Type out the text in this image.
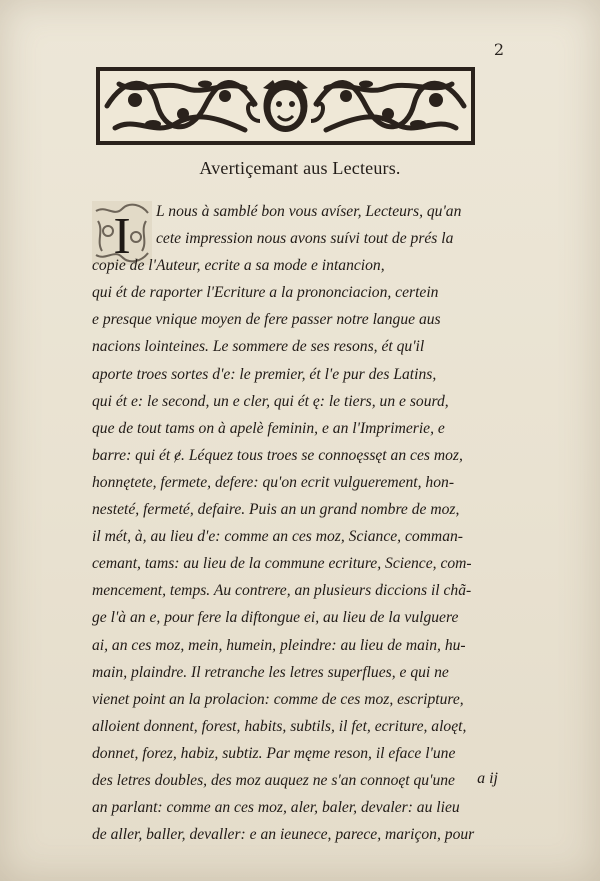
2
Avertiçemant aus Lecteurs.
I	L nous à samblé bon vous avíser, Lecteurs, qu'an
cete impression nous avons suívi tout de prés la
copie de l'Auteur, ecrite a sa mode e intancion,
qui ét de raporter l'Ecriture a la prononciacion, certein
e presque vnique moyen de fere passer notre langue aus
nacions lointeines. Le sommere de ses resons, ét qu'il
aporte troes sortes d'e: le premier, ét l'e pur des Latins,
qui ét e: le second, un e cler, qui ét ę: le tiers, un e sourd,
que de tout tams on à apelè feminin, e an l'Imprimerie, e
barre: qui ét ɇ. Léquez tous troes se connoęssęt an ces moz,
honnętete, fermete, defere: qu'on ecrit vulguerement, hon-
nesteté, fermeté, defaire. Puis an un grand nombre de moz,
il mét, à, au lieu d'e: comme an ces moz, Sciance, comman-
cemant, tams: au lieu de la commune ecriture, Science, com-
mencement, temps. Au contrere, an plusieurs diccions il chã-
ge l'à an e, pour fere la diftongue ei, au lieu de la vulguere
ai, an ces moz, mein, humein, pleindre: au lieu de main, hu-
main, plaindre. Il retranche les letres superflues, e qui ne
vienet point an la prolacion: comme de ces moz, escripture,
alloient donnent, forest, habits, subtils, il fet, ecriture, aloęt,
donnet, forez, habiz, subtiz. Par męme reson, il eface l'une
des letres doubles, des moz auquez ne s'an connoęt qu'une
an parlant: comme an ces moz, aler, baler, devaler: au lieu
de aller, baller, devaller: e an ieunece, parece, mariçon, pour
a ij
